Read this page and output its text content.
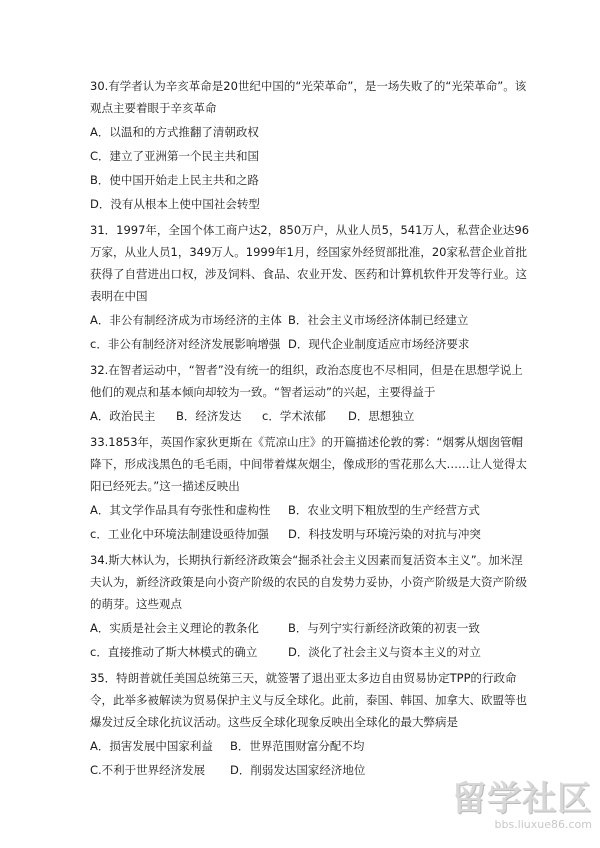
30.有学者认为辛亥革命是20世纪中国的“光荣革命”，是一场失败了的“光荣革命”。该观点主要着眼于辛亥革命

A．以温和的方式推翻了清朝政权

C．建立了亚洲第一个民主共和国

B．使中国开始走上民主共和之路

D．没有从根本上使中国社会转型

31．1997年，全国个体工商户达2，850万户，从业人员5，541万人，私营企业达96万家，从业人员1，349万人。1999年1月，经国家外经贸部批准，20家私营企业首批获得了自营进出口权，涉及饲料、食品、农业开发、医药和计算机软件开发等行业。这表明在中国

A．非公有制经济成为市场经济的主体 B．社会主义市场经济体制已经建立
c．非公有制经济对经济发展影响增强 D．现代企业制度适应市场经济要求

32.在智者运动中，“智者”没有统一的组织，政治态度也不尽相同，但是在思想学说上他们的观点和基本倾向却较为一致。“智者运动”的兴起，主要得益于

A．政治民主	B．经济发达	c．学术浓郁	D．思想独立

33.1853年，英国作家狄更斯在《荒凉山庄》的开篇描述伦敦的雾：“烟雾从烟囱管帽降下，形成浅黑色的毛毛雨，中间带着煤灰烟尘，像成形的雪花那么大……让人觉得太阳已经死去。”这一描述反映出

A．其文学作品具有夸张性和虚构性	B．农业文明下粗放型的生产经营方式
c．工业化中环境法制建设亟待加强	D．科技发明与环境污染的对抗与冲突

34.斯大林认为，长期执行新经济政策会“掘杀社会主义因素而复活资本主义”。加米涅夫认为，新经济政策是向小资产阶级的农民的自发势力妥协，小资产阶级是大资产阶级的萌芽。这些观点

A．实质是社会主义理论的教条化	B．与列宁实行新经济政策的初衷一致
c．直接推动了斯大林模式的确立	D．淡化了社会主义与资本主义的对立

35．特朗普就任美国总统第三天，就签署了退出亚太多边自由贸易协定TPP的行政命令，此举多被解读为贸易保护主义与反全球化。此前，泰国、韩国、加拿大、欧盟等也爆发过反全球化抗议活动。这些反全球化现象反映出全球化的最大弊病是

A．损害发展中国家利益	B．世界范围财富分配不均
C.不利于世界经济发展	D．削弱发达国家经济地位
留学社区
bbs.liuxue86.com
